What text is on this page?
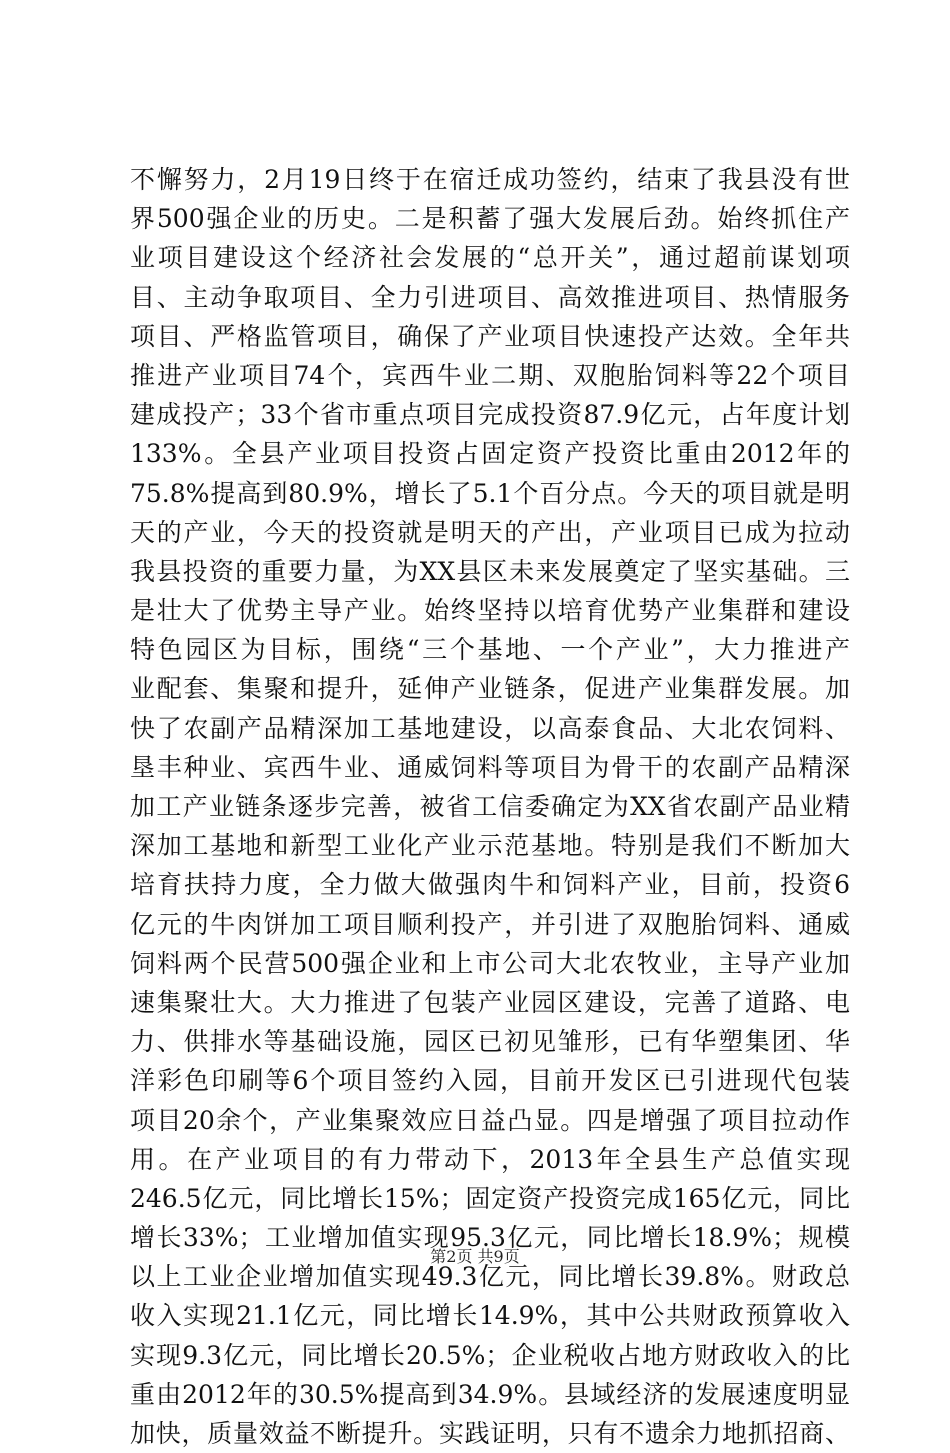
不懈努力，2月19日终于在宿迁成功签约，结束了我县没有世
界500强企业的历史。二是积蓄了强大发展后劲。始终抓住产
业项目建设这个经济社会发展的“总开关”，通过超前谋划项
目、主动争取项目、全力引进项目、高效推进项目、热情服务
项目、严格监管项目，确保了产业项目快速投产达效。全年共
推进产业项目74个，宾西牛业二期、双胞胎饲料等22个项目
建成投产；33个省市重点项目完成投资87.9亿元，占年度计划
133%。全县产业项目投资占固定资产投资比重由2012年的
75.8%提高到80.9%，增长了5.1个百分点。今天的项目就是明
天的产业，今天的投资就是明天的产出，产业项目已成为拉动
我县投资的重要力量，为XX县区未来发展奠定了坚实基础。三
是壮大了优势主导产业。始终坚持以培育优势产业集群和建设
特色园区为目标，围绕“三个基地、一个产业”，大力推进产
业配套、集聚和提升，延伸产业链条，促进产业集群发展。加
快了农副产品精深加工基地建设，以高泰食品、大北农饲料、
垦丰种业、宾西牛业、通威饲料等项目为骨干的农副产品精深
加工产业链条逐步完善，被省工信委确定为XX省农副产品业精
深加工基地和新型工业化产业示范基地。特别是我们不断加大
培育扶持力度，全力做大做强肉牛和饲料产业，目前，投资6
亿元的牛肉饼加工项目顺利投产，并引进了双胞胎饲料、通威
饲料两个民营500强企业和上市公司大北农牧业，主导产业加
速集聚壮大。大力推进了包装产业园区建设，完善了道路、电
力、供排水等基础设施，园区已初见雏形，已有华塑集团、华
洋彩色印刷等6个项目签约入园，目前开发区已引进现代包装
项目20余个，产业集聚效应日益凸显。四是增强了项目拉动作
用。在产业项目的有力带动下，2013年全县生产总值实现
246.5亿元，同比增长15%；固定资产投资完成165亿元，同比
增长33%；工业增加值实现95.3亿元，同比增长18.9%；规模
以上工业企业增加值实现49.3亿元，同比增长39.8%。财政总
收入实现21.1亿元，同比增长14.9%，其中公共财政预算收入
实现9.3亿元，同比增长20.5%；企业税收占地方财政收入的比
重由2012年的30.5%提高到34.9%。县域经济的发展速度明显
加快，质量效益不断提升。实践证明，只有不遗余力地抓招商、
第2页 共9页
